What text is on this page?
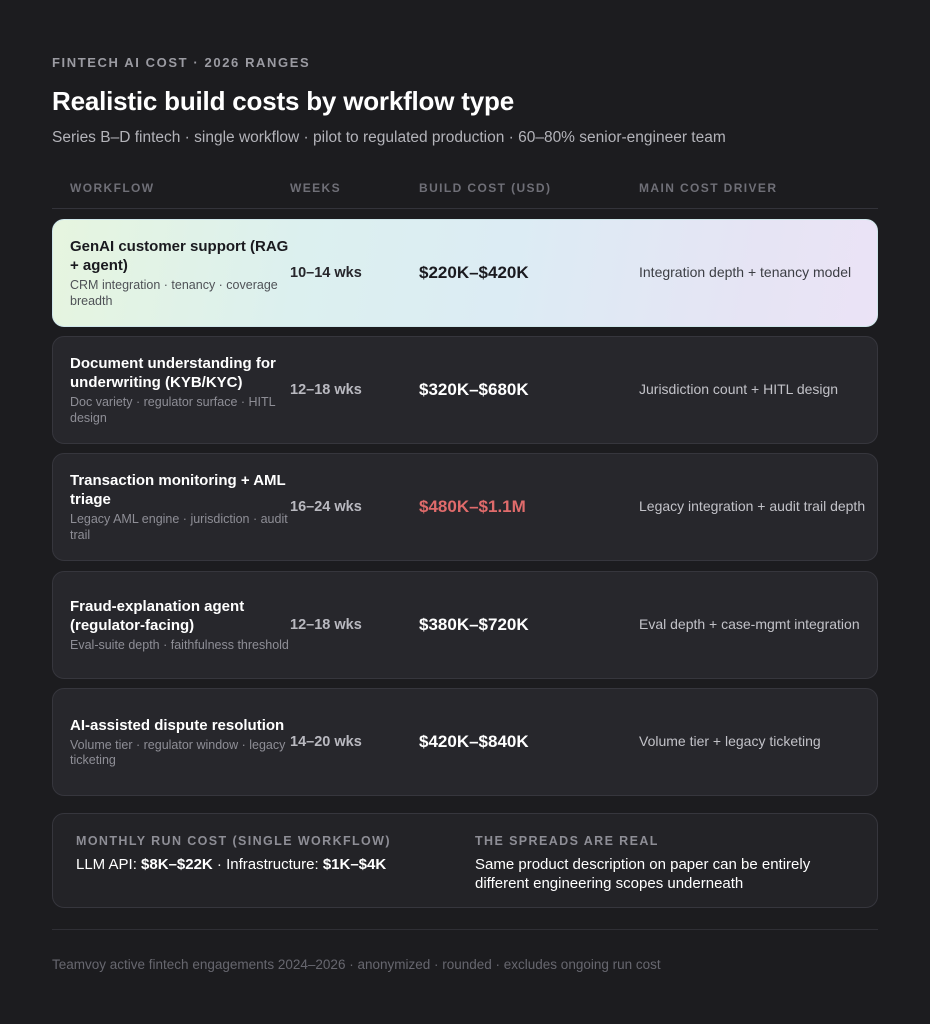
FINTECH AI COST · 2026 RANGES
Realistic build costs by workflow type
Series B–D fintech · single workflow · pilot to regulated production · 60–80% senior-engineer team
WORKFLOW	WEEKS	BUILD COST (USD)	MAIN COST DRIVER
GenAI customer support (RAG + agent)
CRM integration · tenancy · coverage breadth
10–14 wks	$220K–$420K	Integration depth + tenancy model
Document understanding for underwriting (KYB/KYC)
Doc variety · regulator surface · HITL design
12–18 wks	$320K–$680K	Jurisdiction count + HITL design
Transaction monitoring + AML triage
Legacy AML engine · jurisdiction · audit trail
16–24 wks	$480K–$1.1M	Legacy integration + audit trail depth
Fraud-explanation agent (regulator-facing)
Eval-suite depth · faithfulness threshold
12–18 wks	$380K–$720K	Eval depth + case-mgmt integration
AI-assisted dispute resolution
Volume tier · regulator window · legacy ticketing
14–20 wks	$420K–$840K	Volume tier + legacy ticketing
MONTHLY RUN COST (SINGLE WORKFLOW)
LLM API: $8K–$22K · Infrastructure: $1K–$4K
THE SPREADS ARE REAL
Same product description on paper can be entirely different engineering scopes underneath
Teamvoy active fintech engagements 2024–2026 · anonymized · rounded · excludes ongoing run cost
